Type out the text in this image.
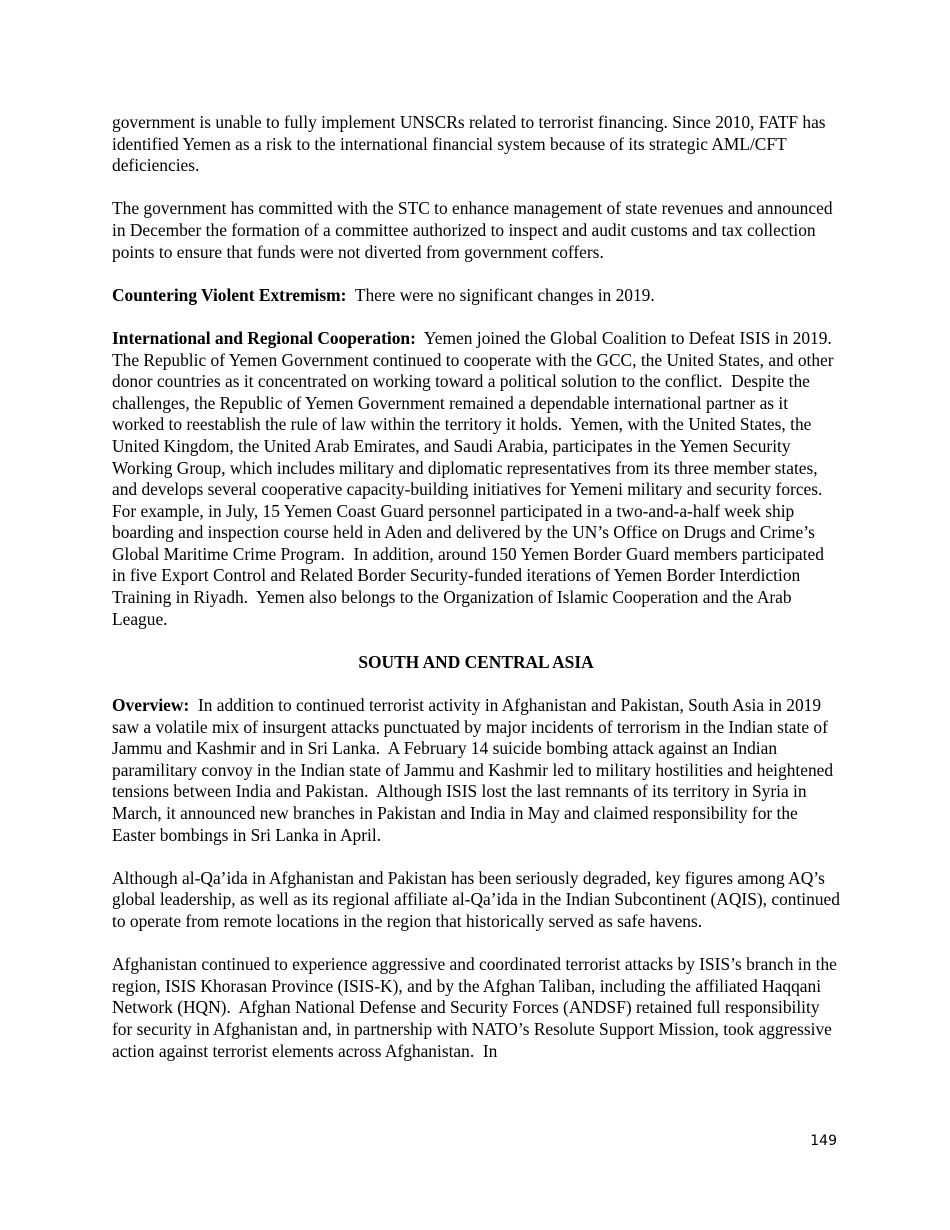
government is unable to fully implement UNSCRs related to terrorist financing. Since 2010, FATF has identified Yemen as a risk to the international financial system because of its strategic AML/CFT deficiencies.

The government has committed with the STC to enhance management of state revenues and announced in December the formation of a committee authorized to inspect and audit customs and tax collection points to ensure that funds were not diverted from government coffers.

Countering Violent Extremism:  There were no significant changes in 2019.

International and Regional Cooperation:  Yemen joined the Global Coalition to Defeat ISIS in 2019.  The Republic of Yemen Government continued to cooperate with the GCC, the United States, and other donor countries as it concentrated on working toward a political solution to the conflict.  Despite the challenges, the Republic of Yemen Government remained a dependable international partner as it worked to reestablish the rule of law within the territory it holds.  Yemen, with the United States, the United Kingdom, the United Arab Emirates, and Saudi Arabia, participates in the Yemen Security Working Group, which includes military and diplomatic representatives from its three member states, and develops several cooperative capacity-building initiatives for Yemeni military and security forces.  For example, in July, 15 Yemen Coast Guard personnel participated in a two-and-a-half week ship boarding and inspection course held in Aden and delivered by the UN’s Office on Drugs and Crime’s Global Maritime Crime Program.  In addition, around 150 Yemen Border Guard members participated in five Export Control and Related Border Security-funded iterations of Yemen Border Interdiction Training in Riyadh.  Yemen also belongs to the Organization of Islamic Cooperation and the Arab League.

SOUTH AND CENTRAL ASIA

Overview:  In addition to continued terrorist activity in Afghanistan and Pakistan, South Asia in 2019 saw a volatile mix of insurgent attacks punctuated by major incidents of terrorism in the Indian state of Jammu and Kashmir and in Sri Lanka.  A February 14 suicide bombing attack against an Indian paramilitary convoy in the Indian state of Jammu and Kashmir led to military hostilities and heightened tensions between India and Pakistan.  Although ISIS lost the last remnants of its territory in Syria in March, it announced new branches in Pakistan and India in May and claimed responsibility for the Easter bombings in Sri Lanka in April.

Although al-Qa’ida in Afghanistan and Pakistan has been seriously degraded, key figures among AQ’s global leadership, as well as its regional affiliate al-Qa’ida in the Indian Subcontinent (AQIS), continued to operate from remote locations in the region that historically served as safe havens.

Afghanistan continued to experience aggressive and coordinated terrorist attacks by ISIS’s branch in the region, ISIS Khorasan Province (ISIS-K), and by the Afghan Taliban, including the affiliated Haqqani Network (HQN).  Afghan National Defense and Security Forces (ANDSF) retained full responsibility for security in Afghanistan and, in partnership with NATO’s Resolute Support Mission, took aggressive action against terrorist elements across Afghanistan.  In

149
